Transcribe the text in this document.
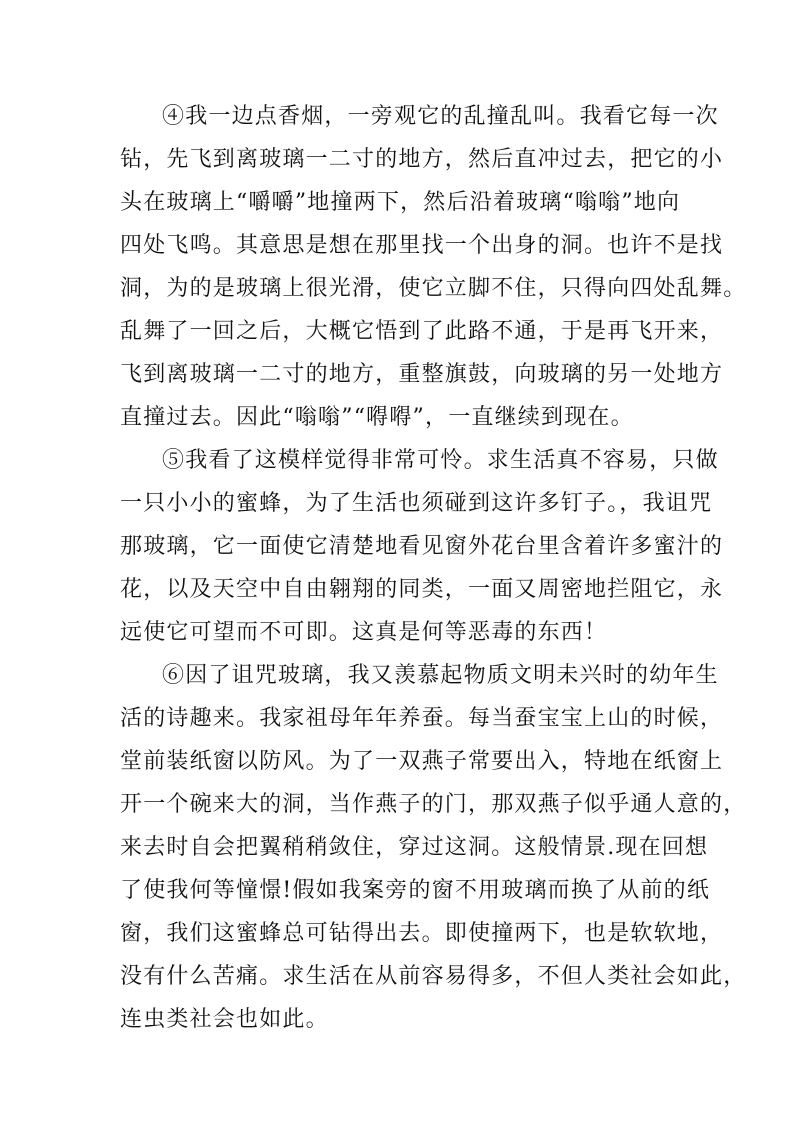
④我一边点香烟，一旁观它的乱撞乱叫。我看它每一次
钻，先飞到离玻璃一二寸的地方，然后直冲过去，把它的小
头在玻璃上“嚼嚼”地撞两下，然后沿着玻璃“嗡嗡”地向
四处飞鸣。其意思是想在那里找一个出身的洞。也许不是找
洞，为的是玻璃上很光滑，使它立脚不住，只得向四处乱舞。
乱舞了一回之后，大概它悟到了此路不通，于是再飞开来，
飞到离玻璃一二寸的地方，重整旗鼓，向玻璃的另一处地方
直撞过去。因此“嗡嗡”“嘚嘚”，一直继续到现在。
⑤我看了这模样觉得非常可怜。求生活真不容易，只做
一只小小的蜜蜂，为了生活也须碰到这许多钉子。，我诅咒
那玻璃，它一面使它清楚地看见窗外花台里含着许多蜜汁的
花，以及天空中自由翱翔的同类，一面又周密地拦阻它，永
远使它可望而不可即。这真是何等恶毒的东西！
⑥因了诅咒玻璃，我又羡慕起物质文明未兴时的幼年生
活的诗趣来。我家祖母年年养蚕。每当蚕宝宝上山的时候，
堂前装纸窗以防风。为了一双燕子常要出入，特地在纸窗上
开一个碗来大的洞，当作燕子的门，那双燕子似乎通人意的，
来去时自会把翼稍稍敛住，穿过这洞。这般情景.现在回想
了使我何等憧憬!假如我案旁的窗不用玻璃而换了从前的纸
窗，我们这蜜蜂总可钻得出去。即使撞两下，也是软软地，
没有什么苦痛。求生活在从前容易得多，不但人类社会如此，
连虫类社会也如此。
